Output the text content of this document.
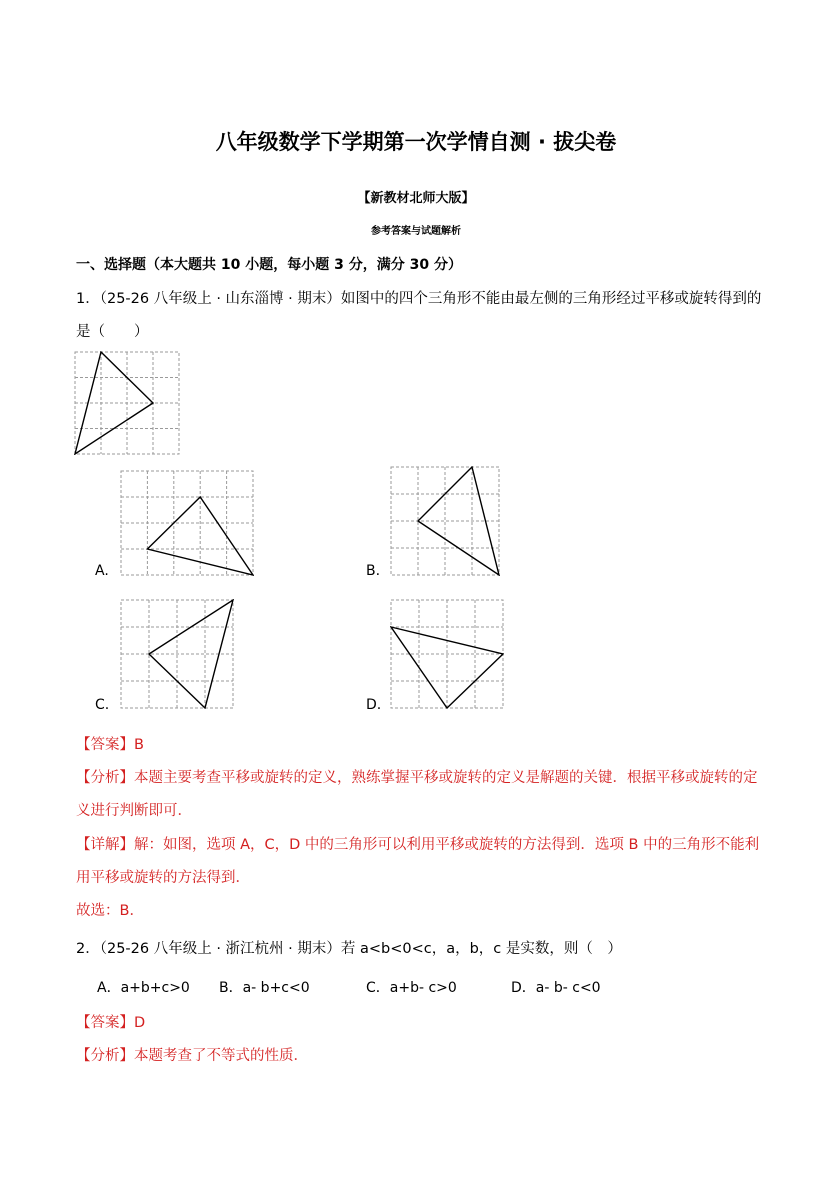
八年级数学下学期第一次学情自测 · 拔尖卷
【新教材北师大版】
参考答案与试题解析
一、选择题（本大题共 10 小题，每小题 3 分，满分 30 分）
1．（25-26 八年级上 · 山东淄博 · 期末）如图中的四个三角形不能由最左侧的三角形经过平移或旋转得到的
是（　　）
A.	B.
C.	D.
【答案】B
【分析】本题主要考查平移或旋转的定义，熟练掌握平移或旋转的定义是解题的关键．根据平移或旋转的定
义进行判断即可．
【详解】解：如图，选项 A，C，D 中的三角形可以利用平移或旋转的方法得到．选项 B 中的三角形不能利
用平移或旋转的方法得到．
故选：B．
2．（25-26 八年级上 · 浙江杭州 · 期末）若 a<b<0<c，a，b，c 是实数，则（　）
A．a+b+c>0 B．a- b+c<0	C．a+b- c>0	D．a- b- c<0
【答案】D
【分析】本题考查了不等式的性质．
